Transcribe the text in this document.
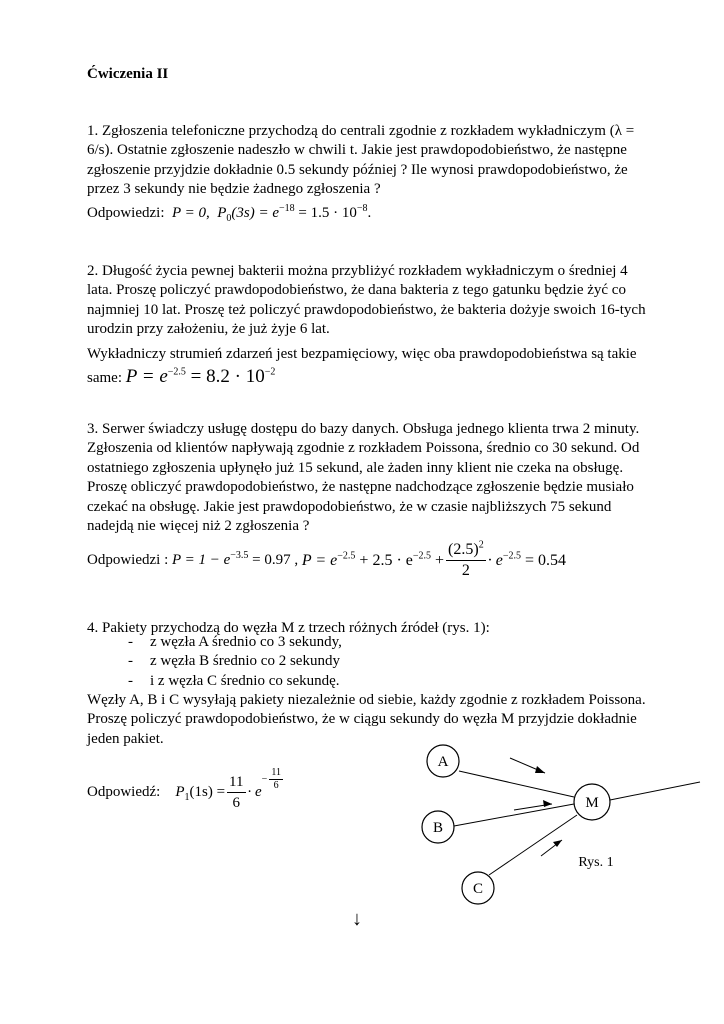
Ćwiczenia II
1. Zgłoszenia telefoniczne przychodzą do centrali zgodnie z rozkładem wykładniczym (λ = 6/s). Ostatnie zgłoszenie nadeszło w chwili t. Jakie jest prawdopodobieństwo, że następne zgłoszenie przyjdzie dokładnie 0.5 sekundy później ? Ile wynosi prawdopodobieństwo, że przez 3 sekundy nie będzie żadnego zgłoszenia ?
Odpowiedzi: P = 0,  $P_0(3s) = e^{-18} = 1.5 \cdot 10^{-8}$.
2. Długość życia pewnej bakterii można przybliżyć rozkładem wykładniczym o średniej 4 lata. Proszę policzyć prawdopodobieństwo, że dana bakteria z tego gatunku będzie żyć co najmniej 10 lat. Proszę też policzyć prawdopodobieństwo, że bakteria dożyje swoich 16-tych urodzin przy założeniu, że już żyje 6 lat.
Wykładniczy strumień zdarzeń jest bezpamięciowy, więc oba prawdopodobieństwa są takie
same: $P = e^{-2.5} = 8.2 \cdot 10^{-2}$
3. Serwer świadczy usługę dostępu do bazy danych. Obsługa jednego klienta trwa 2 minuty. Zgłoszenia od klientów napływają zgodnie z rozkładem Poissona, średnio co 30 sekund. Od ostatniego zgłoszenia upłynęło już 15 sekund, ale żaden inny klient nie czeka na obsługę. Proszę obliczyć prawdopodobieństwo, że następne nadchodzące zgłoszenie będzie musiało czekać na obsługę. Jakie jest prawdopodobieństwo, że w czasie najbliższych 75 sekund nadejdą nie więcej niż 2 zgłoszenia ?
Odpowiedzi :
$P = 1 - e^{-3.5} = 0.97$ ,
$P = e^{-2.5} + 2.5 \cdot e^{-2.5} + \frac{(2.5)^2}{2} \cdot e^{-2.5} = 0.54$
4. Pakiety przychodzą do węzła M z trzech różnych źródeł (rys. 1):
-	z węzła A średnio co 3 sekundy,
-	z węzła B średnio co 2 sekundy
-	i z węzła C średnio co sekundę.
Węzły A, B i C wysyłają pakiety niezależnie od siebie, każdy zgodnie z rozkładem Poissona. Proszę policzyć prawdopodobieństwo, że w ciągu sekundy do węzła M przyjdzie dokładnie jeden pakiet.
Odpowiedź:
$P_1(1s) = \frac{11}{6} \cdot e$
− $\frac{11}{6}$
A
B
C
M
Rys. 1
↓
